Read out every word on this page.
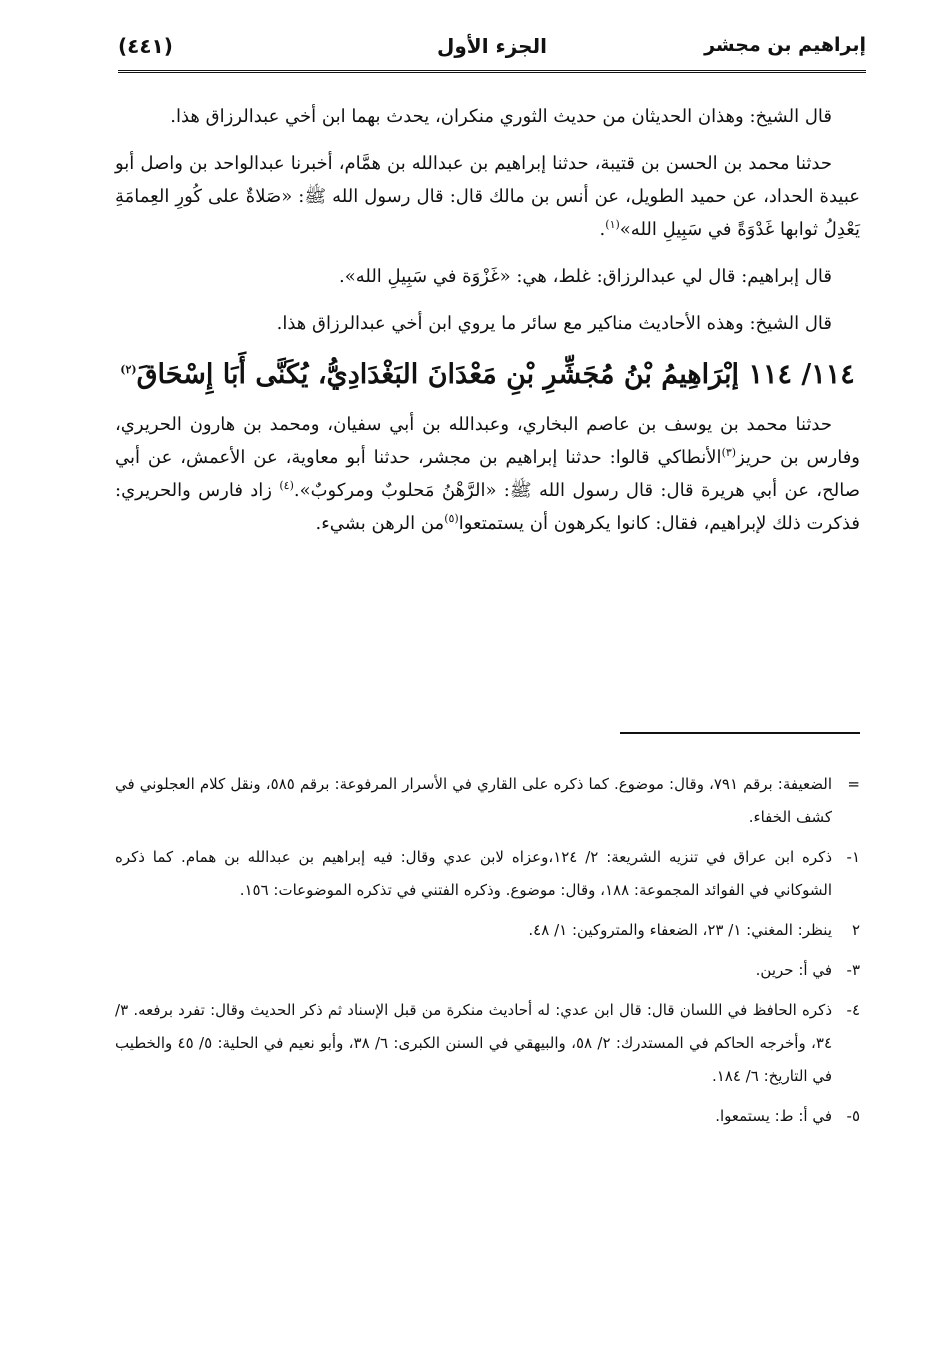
إبراهيم بن مجشر
الجزء الأول
(٤٤١)

قال الشيخ: وهذان الحديثان من حديث الثوري منكران، يحدث بهما ابن أخي عبدالرزاق هذا.

حدثنا محمد بن الحسن بن قتيبة، حدثنا إبراهيم بن عبدالله بن همَّام، أخبرنا عبدالواحد بن واصل أبو عبيدة الحداد، عن حميد الطويل، عن أنس بن مالك قال: قال رسول الله ﷺ: «صَلاةٌ على كُورِ العِمامَةِ يَعْدِلُ ثوابها غَدْوَةً في سَبِيلِ الله»$^{(١)}$.

قال إبراهيم: قال لي عبدالرزاق: غلط، هي: «غَزْوَة في سَبِيلِ الله».

قال الشيخ: وهذه الأحاديث مناكير مع سائر ما يروي ابن أخي عبدالرزاق هذا.

١١٤/ ١١٤ إبْرَاهِيمُ بْنُ مُجَشِّرِ بْنِ مَعْدَانَ البَغْدَادِيُّ، يُكَنَّى أَبَا إِسْحَاقَ$^{(٢)}$

حدثنا محمد بن يوسف بن عاصم البخاري، وعبدالله بن أبي سفيان، ومحمد بن هارون الحريري، وفارس بن حريز$^{(٣)}$الأنطاكي قالوا: حدثنا إبراهيم بن مجشر، حدثنا أبو معاوية، عن الأعمش، عن أبي صالح، عن أبي هريرة قال: قال رسول الله ﷺ: «الرَّهْنُ مَحلوبٌ ومركوبٌ».$^{(٤)}$ زاد فارس والحريري: فذكرت ذلك لإبراهيم، فقال: كانوا يكرهون أن يستمتعوا$^{(٥)}$من الرهن بشيء.

=
الضعيفة: برقم ٧٩١، وقال: موضوع. كما ذكره على القاري في الأسرار المرفوعة: برقم ٥٨٥، ونقل كلام العجلوني في كشف الخفاء.
١-
ذكره ابن عراق في تنزيه الشريعة: ٢/ ١٢٤،وعزاه لابن عدي وقال: فيه إبراهيم بن عبدالله بن همام. كما ذكره الشوكاني في الفوائد المجموعة: ١٨٨، وقال: موضوع. وذكره الفتني في تذكره الموضوعات: ١٥٦.
٢
ينظر: المغني: ١/ ٢٣، الضعفاء والمتروكين: ١/ ٤٨.
٣-
في أ: حرين.
٤-
ذكره الحافظ في اللسان قال: قال ابن عدي: له أحاديث منكرة من قبل الإسناد ثم ذكر الحديث وقال: تفرد برفعه. ٣/ ٣٤، وأخرجه الحاكم في المستدرك: ٢/ ٥٨، والبيهقي في السنن الكبرى: ٦/ ٣٨، وأبو نعيم في الحلية: ٥/ ٤٥ والخطيب في التاريخ: ٦/ ١٨٤.
٥-
في أ: ط: يستمعوا.
